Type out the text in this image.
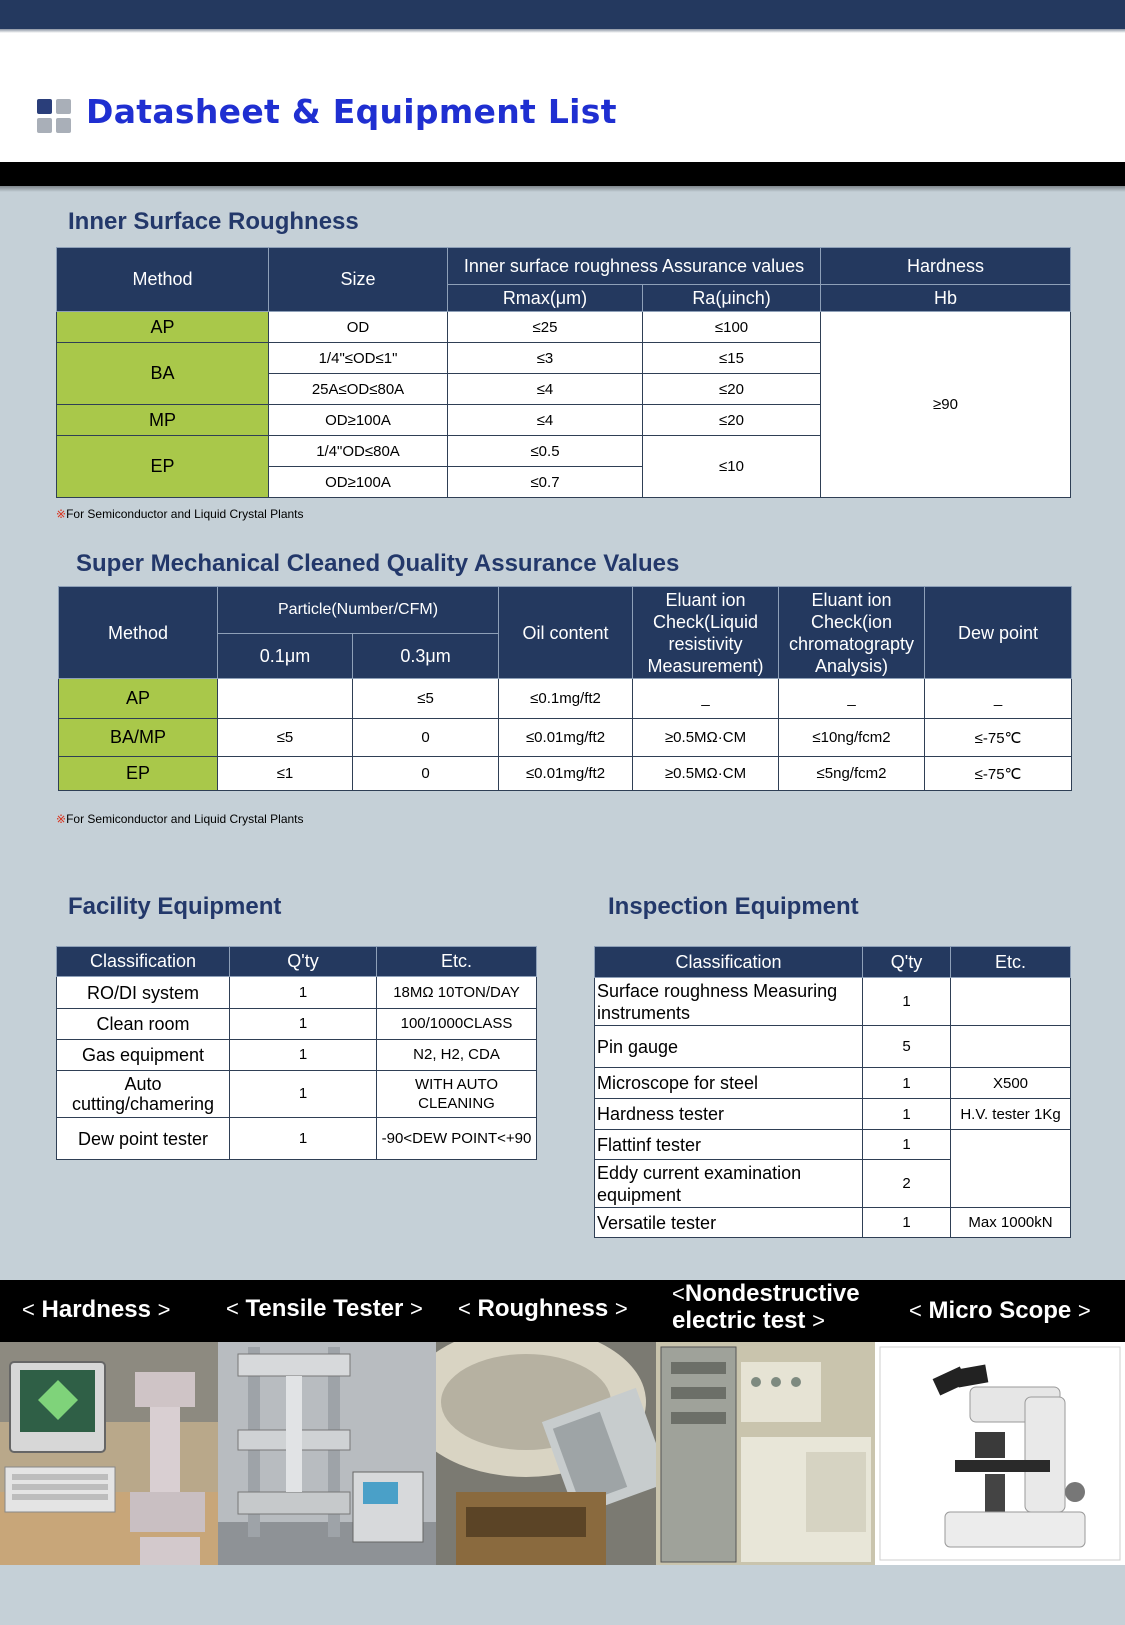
Datasheet & Equipment List
Inner Surface Roughness
Method	Size	Inner surface roughness Assurance values		Hardness
		Rmax(μm)	Ra(μinch)	Hb
AP	OD	≤25	≤100	≥90
BA	1/4"≤OD≤1"	≤3	≤15	
	25A≤OD≤80A	≤4	≤20	
MP	OD≥100A	≤4	≤20	
EP	1/4"OD≤80A	≤0.5	≤10	
	OD≥100A	≤0.7		
※For Semiconductor and Liquid Crystal Plants
Super Mechanical Cleaned Quality Assurance Values
Method	Particle(Number/CFM)		Oil content	Eluant ion Check(Liquid resistivity Measurement)	Eluant ion Check(ion chromatograpty Analysis)	Dew point
	0.1μm	0.3μm				
AP		≤5	≤0.1mg/ft2	_	_	_
BA/MP	≤5	0	≤0.01mg/ft2	≥0.5MΩ·CM	≤10ng/fcm2	≤-75℃
EP	≤1	0	≤0.01mg/ft2	≥0.5MΩ·CM	≤5ng/fcm2	≤-75℃
※For Semiconductor and Liquid Crystal Plants
Facility Equipment
Classification	Q'ty	Etc.
RO/DI system	1	18MΩ 10TON/DAY
Clean room	1	100/1000CLASS
Gas equipment	1	N2, H2, CDA
Auto cutting/chamering	1	WITH AUTO CLEANING
Dew point tester	1	-90<DEW POINT<+90
Inspection Equipment
Classification	Q'ty	Etc.
Surface roughness Measuring instruments	1	
Pin gauge	5	
Microscope for steel	1	X500
Hardness tester	1	H.V. tester 1Kg
Flattinf tester	1	
Eddy current examination equipment	2	
Versatile tester	1	Max 1000kN
< Hardness >	< Tensile Tester > < Roughness >
<Nondestructive
electric test >	< Micro Scope >
